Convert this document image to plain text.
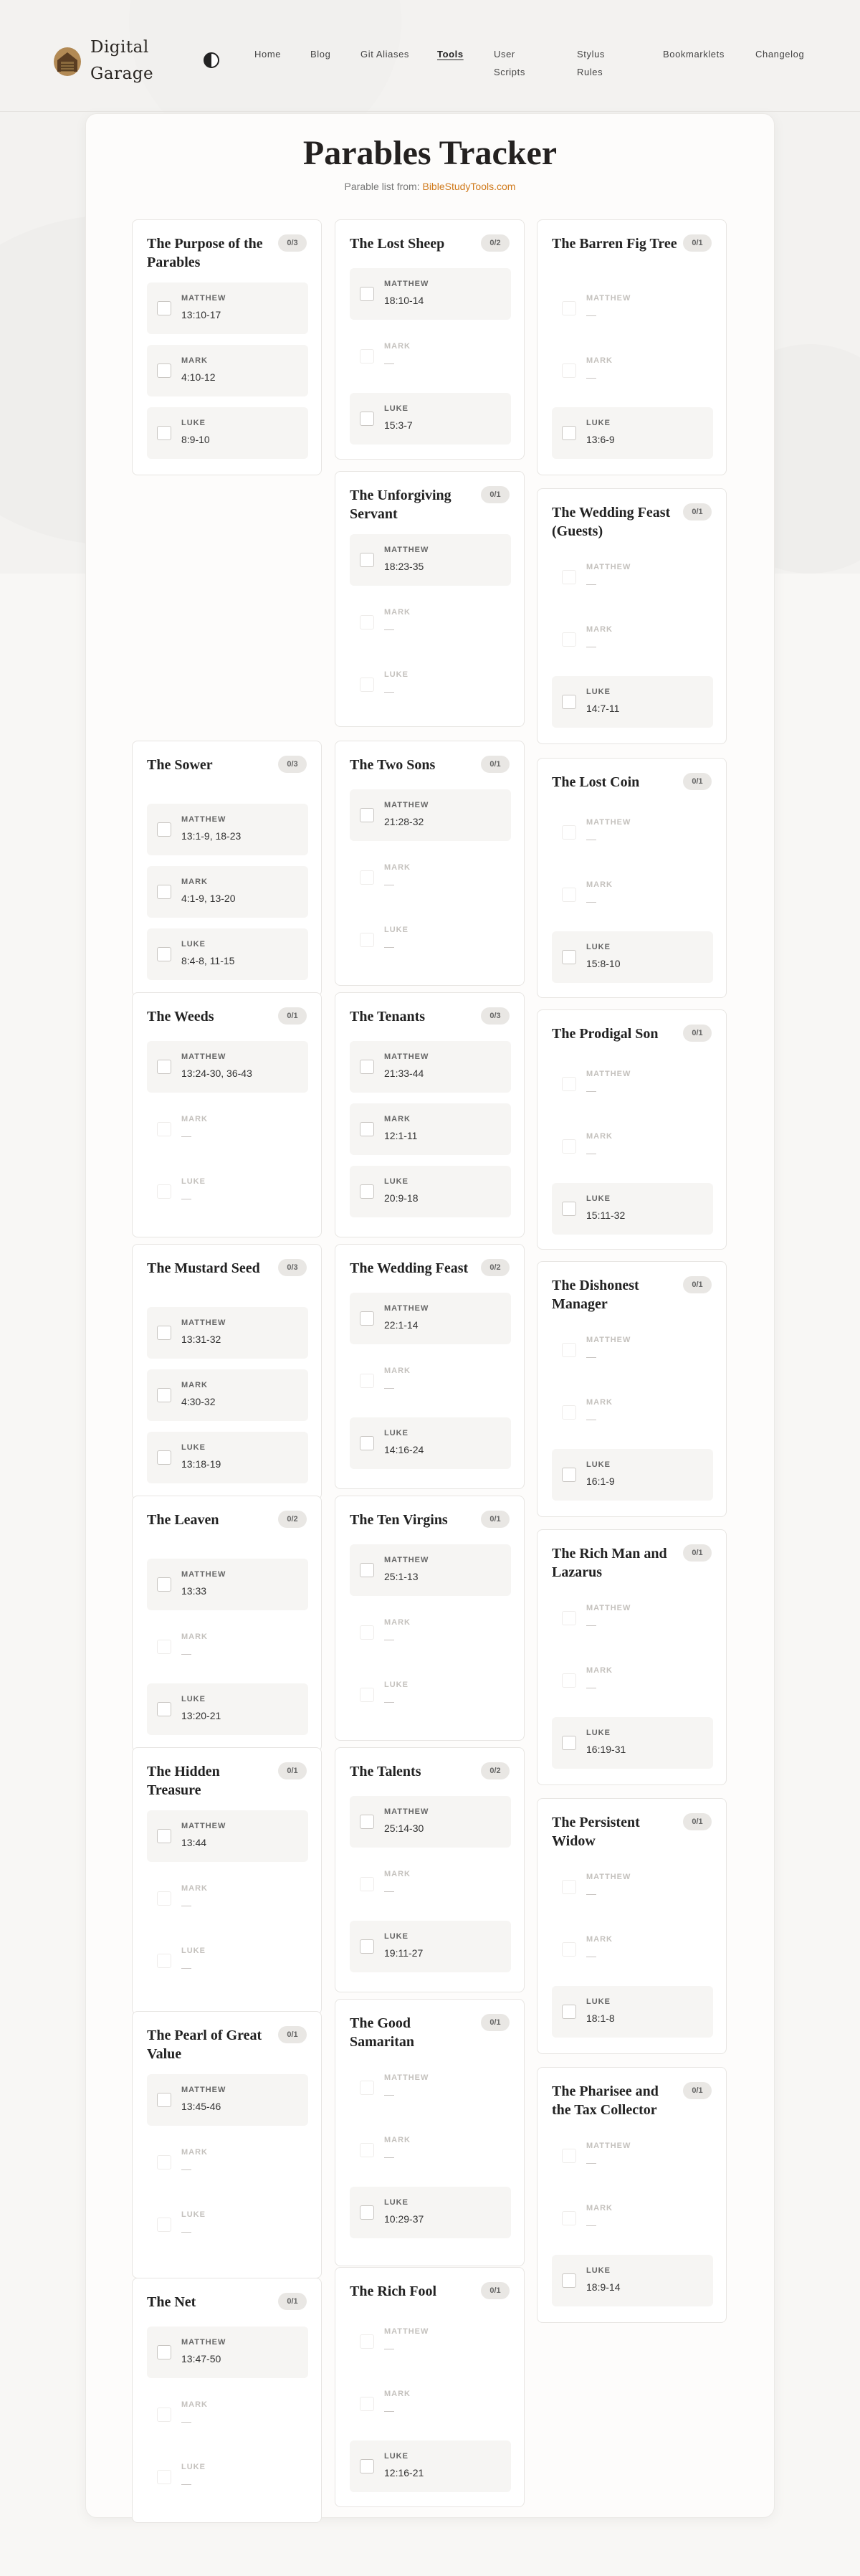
Digital
Garage
Home	Blog	Git Aliases	Tools	User Scripts
Stylus Rules
Bookmarklets	Changelog
Parables Tracker
Parable list from: BibleStudyTools.com
The Purpose of the Parables
0/3
MATTHEW
13:10-17
MARK
4:10-12
LUKE
8:9-10
The Sower	0/3
MATTHEW
13:1-9, 18-23
MARK
4:1-9, 13-20
LUKE
8:4-8, 11-15
The Weeds	0/1
MATTHEW
13:24-30, 36-43
MARK
—
LUKE
—
The Mustard Seed	0/3
MATTHEW
13:31-32
MARK
4:30-32
LUKE
13:18-19
The Leaven	0/2
MATTHEW
13:33
MARK
—
LUKE
13:20-21
The Hidden Treasure
0/1
MATTHEW
13:44
MARK
—
LUKE
—
The Pearl of Great Value
0/1
MATTHEW
13:45-46
MARK
—
LUKE
—
The Net	0/1
MATTHEW
13:47-50
MARK
—
LUKE
—
The Lost Sheep	0/2
MATTHEW
18:10-14
MARK
—
LUKE
15:3-7
The Unforgiving Servant
0/1
MATTHEW
18:23-35
MARK
—
LUKE
—
The Two Sons	0/1
MATTHEW
21:28-32
MARK
—
LUKE
—
The Tenants	0/3
MATTHEW
21:33-44
MARK
12:1-11
LUKE
20:9-18
The Wedding Feast	0/2
MATTHEW
22:1-14
MARK
—
LUKE
14:16-24
The Ten Virgins	0/1
MATTHEW
25:1-13
MARK
—
LUKE
—
The Talents	0/2
MATTHEW
25:14-30
MARK
—
LUKE
19:11-27
The Good Samaritan
0/1
MATTHEW
—
MARK
—
LUKE
10:29-37
The Rich Fool	0/1
MATTHEW
—
MARK
—
LUKE
12:16-21
The Barren Fig Tree	0/1
MATTHEW
—
MARK
—
LUKE
13:6-9
The Wedding Feast (Guests)
0/1
MATTHEW
—
MARK
—
LUKE
14:7-11
The Lost Coin	0/1
MATTHEW
—
MARK
—
LUKE
15:8-10
The Prodigal Son	0/1
MATTHEW
—
MARK
—
LUKE
15:11-32
The Dishonest Manager
0/1
MATTHEW
—
MARK
—
LUKE
16:1-9
The Rich Man and Lazarus
0/1
MATTHEW
—
MARK
—
LUKE
16:19-31
The Persistent Widow
0/1
MATTHEW
—
MARK
—
LUKE
18:1-8
The Pharisee and the Tax Collector
0/1
MATTHEW
—
MARK
—
LUKE
18:9-14
